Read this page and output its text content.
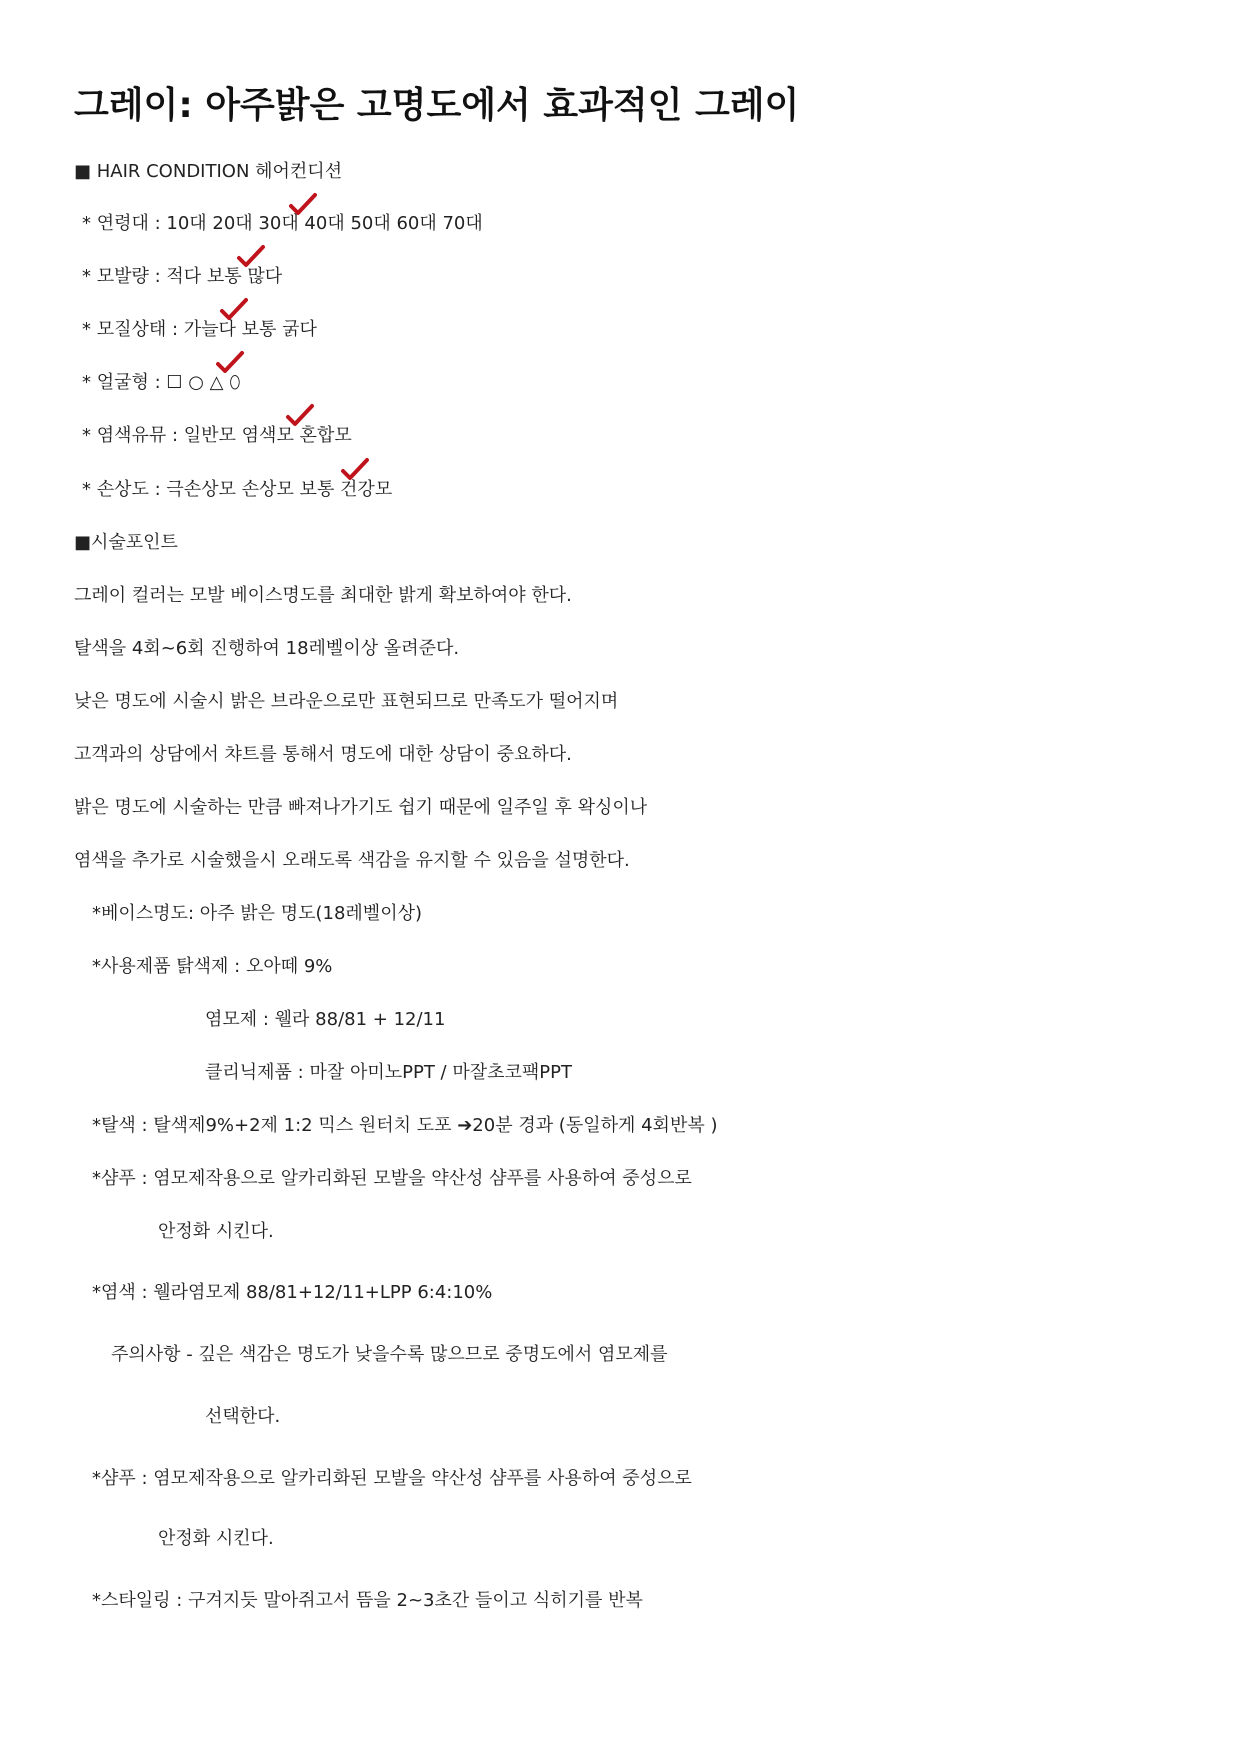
그레이: 아주밝은 고명도에서 효과적인 그레이
■ HAIR CONDITION 헤어컨디션
* 연령대 : 10대 20대 30대 40대 50대 60대 70대
* 모발량 : 적다 보통 많다
* 모질상태 : 가늘다 보통 굵다
* 얼굴형 : ☐ ○ △ ⬯
* 염색유뮤 : 일반모 염색모 혼합모
* 손상도 : 극손상모 손상모 보통 건강모
■시술포인트
그레이 컬러는 모발 베이스명도를 최대한 밝게 확보하여야 한다.
탈색을 4회~6회 진행하여 18레벨이상 올려준다.
낮은 명도에 시술시 밝은 브라운으로만 표현되므로 만족도가 떨어지며
고객과의 상담에서 챠트를 통해서 명도에 대한 상담이 중요하다.
밝은 명도에 시술하는 만큼 빠져나가기도 쉽기 때문에 일주일 후 왁싱이나
염색을 추가로 시술했을시 오래도록 색감을 유지할 수 있음을 설명한다.
*베이스명도: 아주 밝은 명도(18레벨이상)
*사용제품 탉색제 : 오아떼 9%
염모제 : 웰라 88/81 + 12/11
클리닉제품 : 마잘 아미노PPT / 마잘초코팩PPT
*탈색 : 탈색제9%+2제 1:2 믹스 원터치 도포 ➔20분 경과 (동일하게 4회반복 )
*샴푸 : 염모제작용으로 알카리화된 모발을 약산성 샴푸를 사용하여 중성으로
안정화 시킨다.
*염색 : 웰라염모제 88/81+12/11+LPP 6:4:10%
주의사항 - 깊은 색감은 명도가 낮을수록 많으므로 중명도에서 염모제를
선택한다.
*샴푸 : 염모제작용으로 알카리화된 모발을 약산성 샴푸를 사용하여 중성으로
안정화 시킨다.
*스타일링 : 구겨지듯 말아쥐고서 뜸을 2~3초간 들이고 식히기를 반복
